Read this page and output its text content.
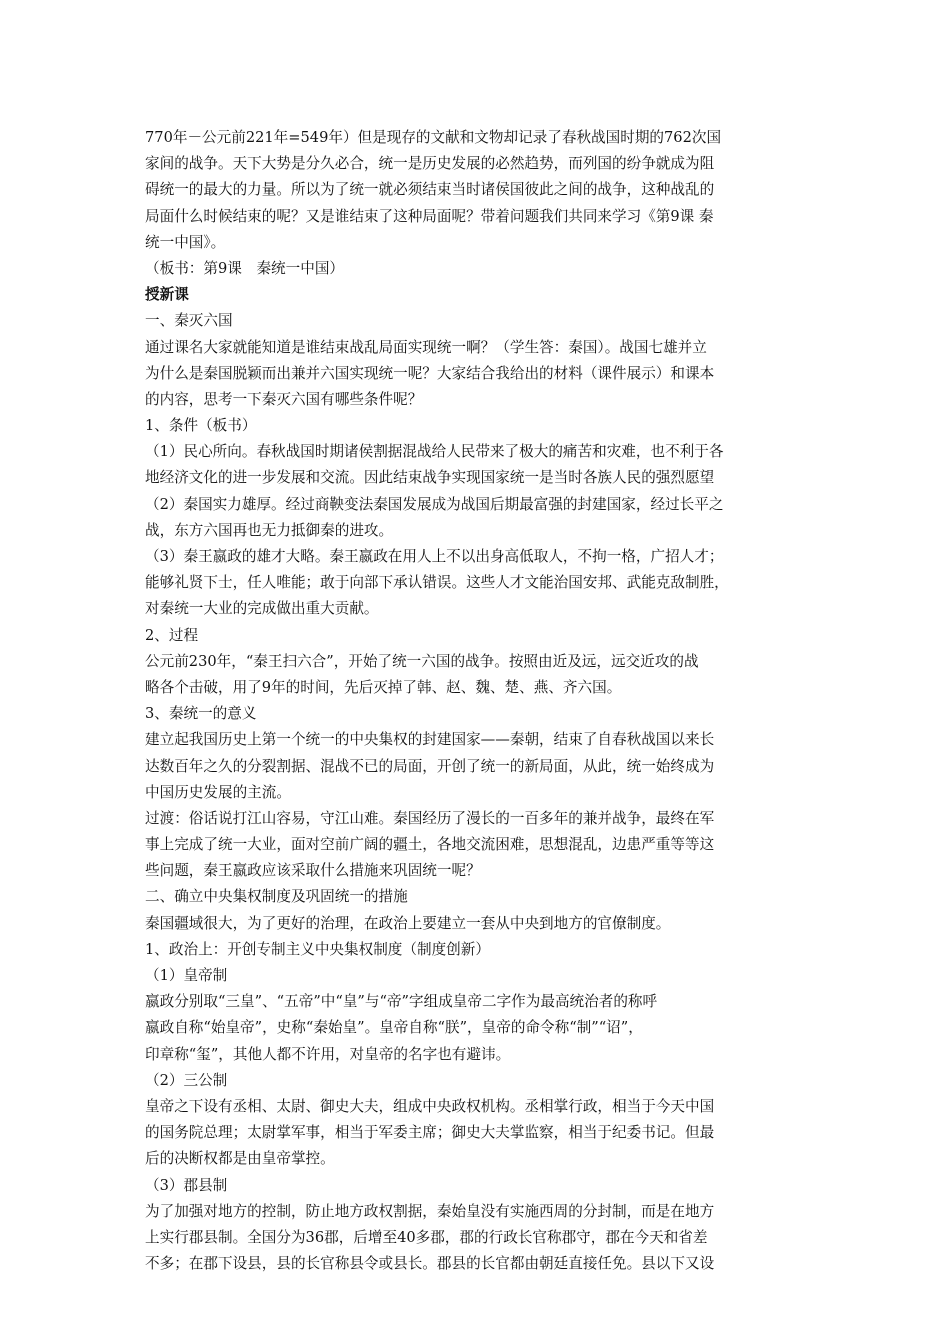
770年－公元前221年=549年）但是现存的文献和文物却记录了春秋战国时期的762次国
家间的战争。天下大势是分久必合，统一是历史发展的必然趋势，而列国的纷争就成为阻
碍统一的最大的力量。所以为了统一就必须结束当时诸侯国彼此之间的战争，这种战乱的
局面什么时候结束的呢？又是谁结束了这种局面呢？带着问题我们共同来学习《第9课 秦
统一中国》。
（板书：第9课　秦统一中国）
授新课
一、秦灭六国
通过课名大家就能知道是谁结束战乱局面实现统一啊？（学生答：秦国）。战国七雄并立
为什么是秦国脱颖而出兼并六国实现统一呢？大家结合我给出的材料（课件展示）和课本
的内容，思考一下秦灭六国有哪些条件呢？
1、条件（板书）
（1）民心所向。春秋战国时期诸侯割据混战给人民带来了极大的痛苦和灾难，也不利于各
地经济文化的进一步发展和交流。因此结束战争实现国家统一是当时各族人民的强烈愿望
（2）秦国实力雄厚。经过商鞅变法秦国发展成为战国后期最富强的封建国家，经过长平之
战，东方六国再也无力抵御秦的进攻。
（3）秦王嬴政的雄才大略。秦王嬴政在用人上不以出身高低取人，不拘一格，广招人才；
能够礼贤下士，任人唯能；敢于向部下承认错误。这些人才文能治国安邦、武能克敌制胜，
对秦统一大业的完成做出重大贡献。
2、过程
公元前230年，“秦王扫六合”，开始了统一六国的战争。按照由近及远，远交近攻的战
略各个击破，用了9年的时间，先后灭掉了韩、赵、魏、楚、燕、齐六国。
3、秦统一的意义
建立起我国历史上第一个统一的中央集权的封建国家——秦朝，结束了自春秋战国以来长
达数百年之久的分裂割据、混战不已的局面，开创了统一的新局面，从此，统一始终成为
中国历史发展的主流。
过渡：俗话说打江山容易，守江山难。秦国经历了漫长的一百多年的兼并战争，最终在军
事上完成了统一大业，面对空前广阔的疆土，各地交流困难，思想混乱，边患严重等等这
些问题，秦王嬴政应该采取什么措施来巩固统一呢？
二、确立中央集权制度及巩固统一的措施
秦国疆域很大，为了更好的治理，在政治上要建立一套从中央到地方的官僚制度。
1、政治上：开创专制主义中央集权制度（制度创新）
（1）皇帝制
嬴政分别取“三皇”、“五帝”中“皇”与“帝”字组成皇帝二字作为最高统治者的称呼
嬴政自称“始皇帝”，史称“秦始皇”。皇帝自称“朕”，皇帝的命令称“制”“诏”，
印章称“玺”，其他人都不许用，对皇帝的名字也有避讳。
（2）三公制
皇帝之下设有丞相、太尉、御史大夫，组成中央政权机构。丞相掌行政，相当于今天中国
的国务院总理；太尉掌军事，相当于军委主席；御史大夫掌监察，相当于纪委书记。但最
后的决断权都是由皇帝掌控。
（3）郡县制
为了加强对地方的控制，防止地方政权割据，秦始皇没有实施西周的分封制，而是在地方
上实行郡县制。全国分为36郡，后增至40多郡，郡的行政长官称郡守，郡在今天和省差
不多；在郡下设县，县的长官称县令或县长。郡县的长官都由朝廷直接任免。县以下又设
